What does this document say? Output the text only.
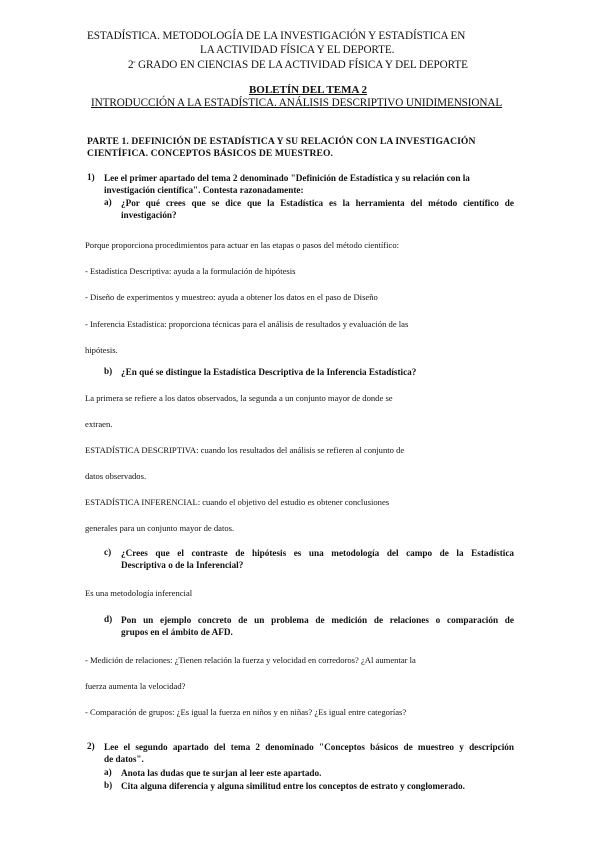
ESTADÍSTICA. METODOLOGÍA DE LA INVESTIGACIÓN Y ESTADÍSTICA EN
LA ACTIVIDAD FÍSICA Y EL DEPORTE.
$2^º$ GRADO EN CIENCIAS DE LA ACTIVIDAD FÍSICA Y DEL DEPORTE
BOLETÍN DEL TEMA 2
INTRODUCCIÓN A LA ESTADÍSTICA. ANÁLISIS DESCRIPTIVO UNIDIMENSIONAL
PARTE 1. DEFINICIÓN DE ESTADÍSTICA Y SU RELACIÓN CON LA INVESTIGACIÓN
CIENTÍFICA. CONCEPTOS BÁSICOS DE MUESTREO.
1) Lee el primer apartado del tema 2 denominado "Definición de Estadística y su relación con la
investigación científica". Contesta razonadamente:
a) ¿Por qué crees que se dice que la Estadística es la herramienta del método científico de
investigación?
Porque proporciona procedimientos para actuar en las etapas o pasos del método científico:
- Estadística Descriptiva: ayuda a la formulación de hipótesis
- Diseño de experimentos y muestreo: ayuda a obtener los datos en el paso de Diseño
- Inferencia Estadística: proporciona técnicas para el análisis de resultados y evaluación de las
hipótesis.
b) ¿En qué se distingue la Estadística Descriptiva de la Inferencia Estadística?
La primera se refiere a los datos observados, la segunda a un conjunto mayor de donde se
extraen.
ESTADÍSTICA DESCRIPTIVA: cuando los resultados del análisis se refieren al conjunto de
datos observados.
ESTADÍSTICA INFERENCIAL: cuando el objetivo del estudio es obtener conclusiones
generales para un conjunto mayor de datos.
c) ¿Crees que el contraste de hipótesis es una metodología del campo de la Estadística
Descriptiva o de la Inferencial?
Es una metodología inferencial
d) Pon un ejemplo concreto de un problema de medición de relaciones o comparación de
grupos en el ámbito de AFD.
- Medición de relaciones: ¿Tienen relación la fuerza y velocidad en corredoros? ¿Al aumentar la
fuerza aumenta la velocidad?
- Comparación de grupos: ¿Es igual la fuerza en niños y en niñas? ¿Es igual entre categorías?
2) Lee el segundo apartado del tema 2 denominado "Conceptos básicos de muestreo y descripción
de datos".
a) Anota las dudas que te surjan al leer este apartado.
b) Cita alguna diferencia y alguna similitud entre los conceptos de estrato y conglomerado.
